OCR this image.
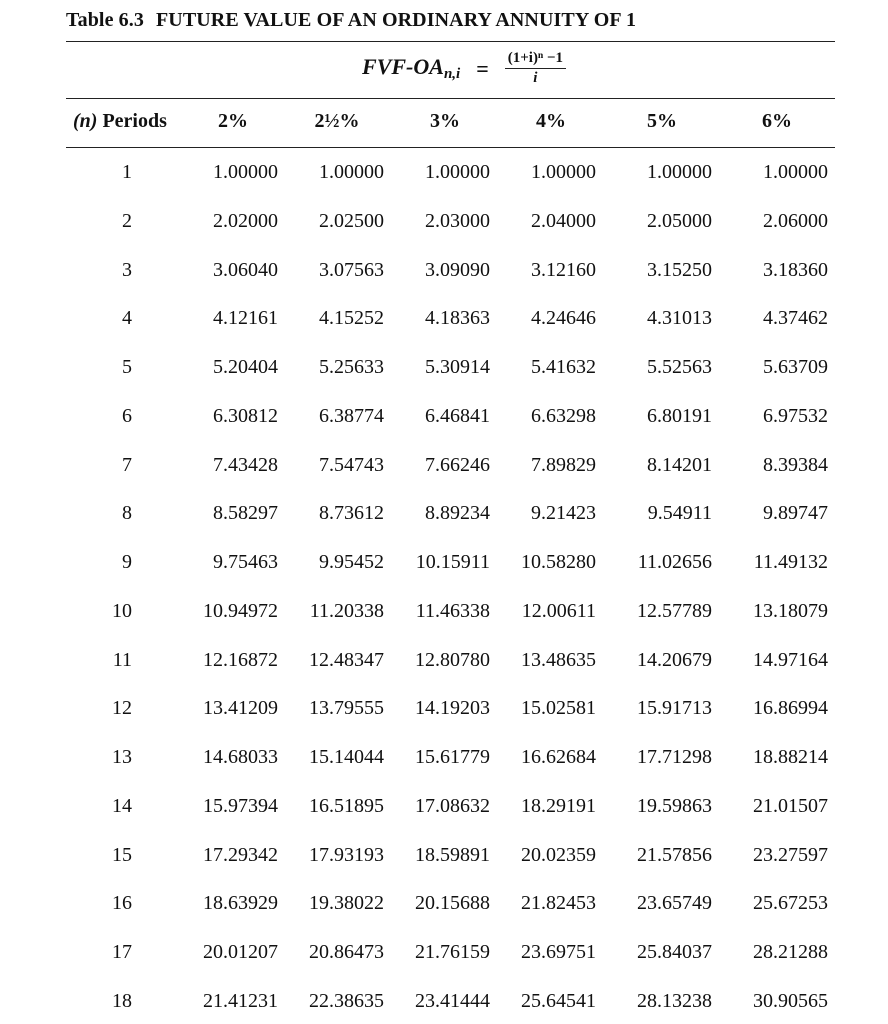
Table 6.3 FUTURE VALUE OF AN ORDINARY ANNUITY OF 1
FVF-$OA_{n,i} = \frac{\text{(1+i)ⁿ −1}}{i}$
(n) Periods	2%	2½%	3%	4%	5%	6%
1	1.00000 1.00000 1.00000 1.00000	1.00000	1.00000
2	2.02000 2.02500 2.03000 2.04000	2.05000	2.06000
3	3.06040 3.07563 3.09090 3.12160	3.15250	3.18360
4	4.12161 4.15252 4.18363 4.24646	4.31013	4.37462
5	5.20404 5.25633 5.30914 5.41632	5.52563	5.63709
6	6.30812 6.38774 6.46841 6.63298	6.80191	6.97532
7	7.43428 7.54743 7.66246 7.89829	8.14201	8.39384
8	8.58297 8.73612 8.89234 9.21423	9.54911	9.89747
9	9.75463 9.95452 10.15911 10.58280 11.02656 11.49132
10	10.94972 11.20338 11.46338 12.00611 12.57789 13.18079
11	12.16872 12.48347 12.80780 13.48635 14.20679 14.97164
12	13.41209 13.79555 14.19203 15.02581 15.91713 16.86994
13	14.68033 15.14044 15.61779 16.62684 17.71298 18.88214
14	15.97394 16.51895 17.08632 18.29191 19.59863 21.01507
15	17.29342 17.93193 18.59891 20.02359 21.57856 23.27597
16	18.63929 19.38022 20.15688 21.82453 23.65749 25.67253
17	20.01207 20.86473 21.76159 23.69751 25.84037 28.21288
18	21.41231 22.38635 23.41444 25.64541 28.13238 30.90565
